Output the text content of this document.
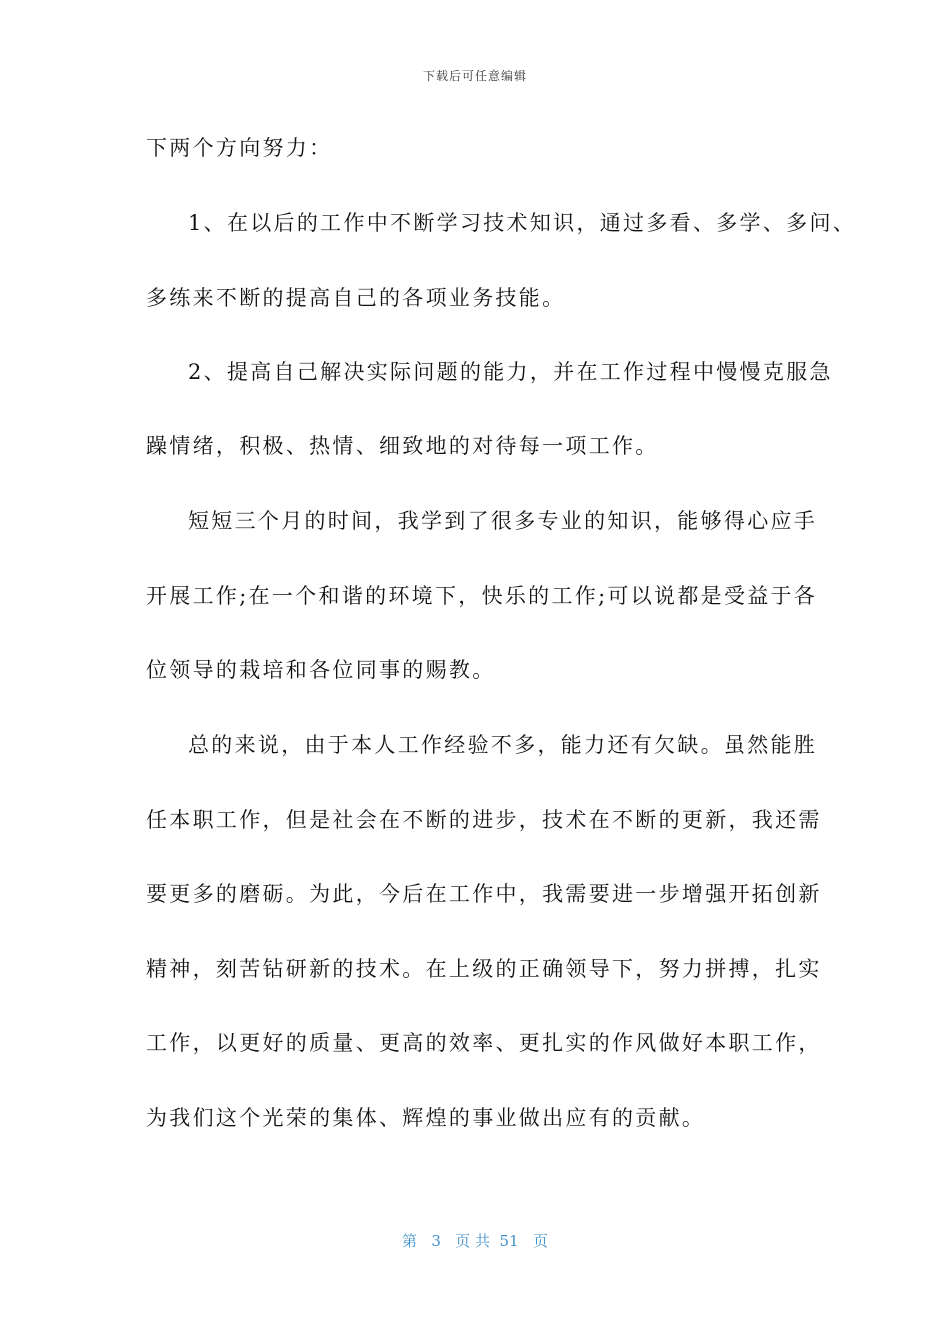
下载后可任意编辑
下两个方向努力：
1、在以后的工作中不断学习技术知识，通过多看、多学、多问、
多练来不断的提高自己的各项业务技能。
2、提高自己解决实际问题的能力，并在工作过程中慢慢克服急
躁情绪，积极、热情、细致地的对待每一项工作。
短短三个月的时间，我学到了很多专业的知识，能够得心应手
开展工作;在一个和谐的环境下，快乐的工作;可以说都是受益于各
位领导的栽培和各位同事的赐教。
总的来说，由于本人工作经验不多，能力还有欠缺。虽然能胜
任本职工作，但是社会在不断的进步，技术在不断的更新，我还需
要更多的磨砺。为此，今后在工作中，我需要进一步增强开拓创新
精神，刻苦钻研新的技术。在上级的正确领导下，努力拼搏，扎实
工作，以更好的质量、更高的效率、更扎实的作风做好本职工作，
为我们这个光荣的集体、辉煌的事业做出应有的贡献。
第 3 页 共 51 页
